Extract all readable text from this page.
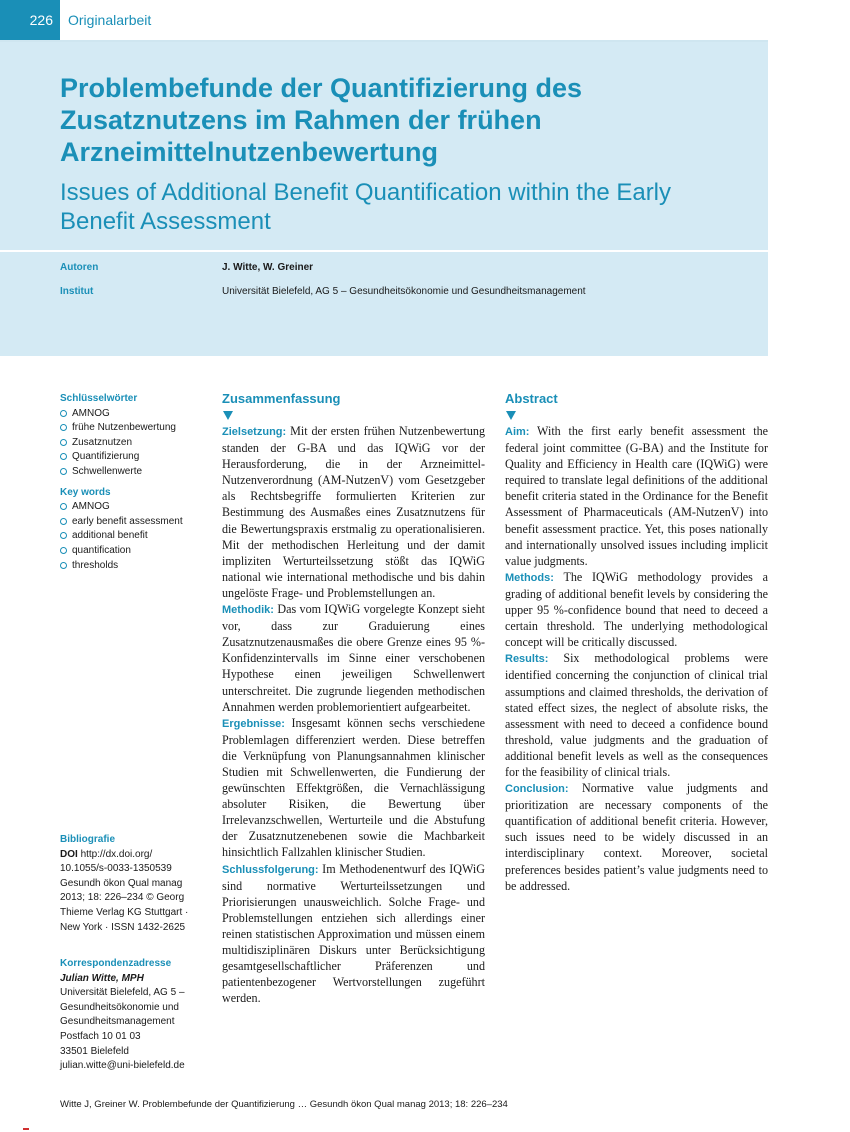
226	Originalarbeit
Problembefunde der Quantifizierung des Zusatznutzens im Rahmen der frühen Arzneimittelnutzenbewertung
Issues of Additional Benefit Quantification within the Early Benefit Assessment
Autoren	J. Witte, W. Greiner
Institut	Universität Bielefeld, AG 5 – Gesundheitsökonomie und Gesundheitsmanagement
Schlüsselwörter
AMNOG
frühe Nutzenbewertung
Zusatznutzen
Quantifizierung
Schwellenwerte
Key words
AMNOG
early benefit assessment
additional benefit
quantification
thresholds
Bibliografie
DOI http://dx.doi.org/
10.1055/s-0033-1350539
Gesundh ökon Qual manag
2013; 18: 226–234 © Georg
Thieme Verlag KG Stuttgart ·
New York · ISSN 1432-2625
Korrespondenzadresse
Julian Witte, MPH
Universität Bielefeld, AG 5 –
Gesundheitsökonomie und
Gesundheitsmanagement
Postfach 10 01 03
33501 Bielefeld
julian.witte@uni-bielefeld.de
Zusammenfassung

Zielsetzung: Mit der ersten frühen Nutzenbewertung standen der G-BA und das IQWiG vor der Herausforderung, die in der Arzneimittel-Nutzenverordnung (AM-NutzenV) vom Gesetzgeber als Rechtsbegriffe formulierten Kriterien zur Bestimmung des Ausmaßes eines Zusatznutzens für die Bewertungspraxis erstmalig zu operationalisieren. Mit der methodischen Herleitung und der damit impliziten Werturteilssetzung stößt das IQWiG national wie international methodische und bis dahin ungelöste Frage- und Problemstellungen an.

Methodik: Das vom IQWiG vorgelegte Konzept sieht vor, dass zur Graduierung eines Zusatznutzenausmaßes die obere Grenze eines 95 %-Konfidenzintervalls im Sinne einer verschobenen Hypothese einen jeweiligen Schwellenwert unterschreitet. Die zugrunde liegenden methodischen Annahmen werden problemorientiert aufgearbeitet.

Ergebnisse: Insgesamt können sechs verschiedene Problemlagen differenziert werden. Diese betreffen die Verknüpfung von Planungsannahmen klinischer Studien mit Schwellenwerten, die Fundierung der gewünschten Effektgrößen, die Vernachlässigung absoluter Risiken, die Bewertung über Irrelevanzschwellen, Werturteile und die Abstufung der Zusatznutzenebenen sowie die Machbarkeit hinsichtlich Fallzahlen klinischer Studien.

Schlussfolgerung: Im Methodenentwurf des IQWiG sind normative Werturteilssetzungen und Priorisierungen unausweichlich. Solche Frage- und Problemstellungen entziehen sich allerdings einer reinen statistischen Approximation und müssen einem multidisziplinären Diskurs unter Berücksichtigung gesamtgesellschaftlicher Präferenzen und patientenbezogener Wertvorstellungen zugeführt werden.

Abstract

Aim: With the first early benefit assessment the federal joint committee (G-BA) and the Institute for Quality and Efficiency in Health care (IQWiG) were required to translate legal definitions of the additional benefit criteria stated in the Ordinance for the Benefit Assessment of Pharmaceuticals (AM-NutzenV) into benefit assessment practice. Yet, this poses nationally and internationally unsolved issues including implicit value judgments.

Methods: The IQWiG methodology provides a grading of additional benefit levels by considering the upper 95 %-confidence bound that need to deceed a certain threshold. The underlying methodological concept will be critically discussed.

Results: Six methodological problems were identified concerning the conjunction of clinical trial assumptions and claimed thresholds, the derivation of stated effect sizes, the neglect of absolute risks, the assessment with need to deceed a confidence bound threshold, value judgments and the graduation of additional benefit levels as well as the consequences for the feasibility of clinical trials.

Conclusion: Normative value judgments and prioritization are necessary components of the quantification of additional benefit criteria. However, such issues need to be widely discussed in an interdisciplinary context. Moreover, societal preferences besides patient’s value judgments need to be addressed.

Witte J, Greiner W. Problembefunde der Quantifizierung … Gesundh ökon Qual manag 2013; 18: 226–234
